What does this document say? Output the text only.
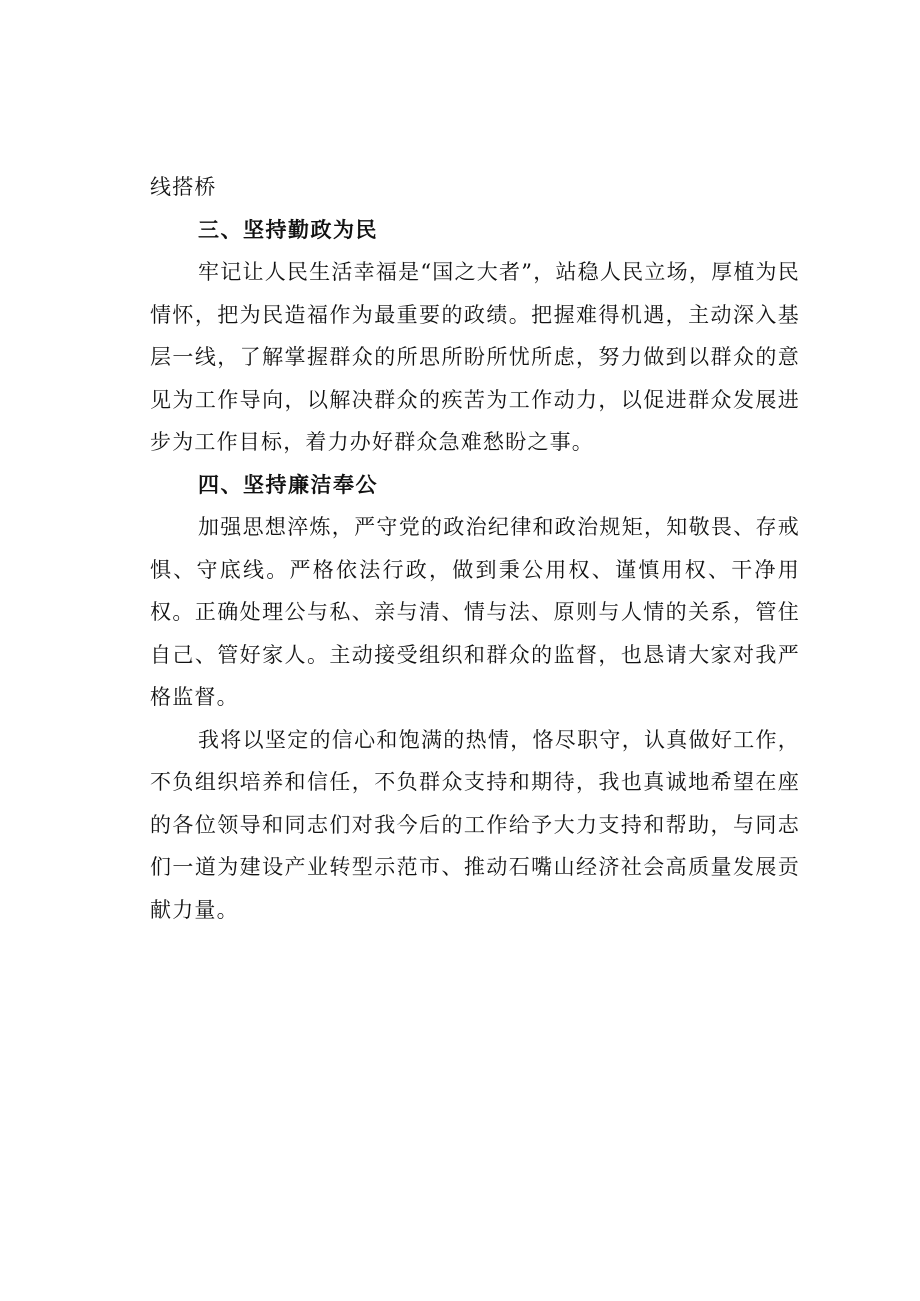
线搭桥

三、坚持勤政为民

牢记让人民生活幸福是“国之大者”，站稳人民立场，厚植为民情怀，把为民造福作为最重要的政绩。把握难得机遇，主动深入基层一线，了解掌握群众的所思所盼所忧所虑，努力做到以群众的意见为工作导向，以解决群众的疾苦为工作动力，以促进群众发展进步为工作目标，着力办好群众急难愁盼之事。

四、坚持廉洁奉公

加强思想淬炼，严守党的政治纪律和政治规矩，知敬畏、存戒惧、守底线。严格依法行政，做到秉公用权、谨慎用权、干净用权。正确处理公与私、亲与清、情与法、原则与人情的关系，管住自己、管好家人。主动接受组织和群众的监督，也恳请大家对我严格监督。

我将以坚定的信心和饱满的热情，恪尽职守，认真做好工作，不负组织培养和信任，不负群众支持和期待，我也真诚地希望在座的各位领导和同志们对我今后的工作给予大力支持和帮助，与同志们一道为建设产业转型示范市、推动石嘴山经济社会高质量发展贡献力量。
